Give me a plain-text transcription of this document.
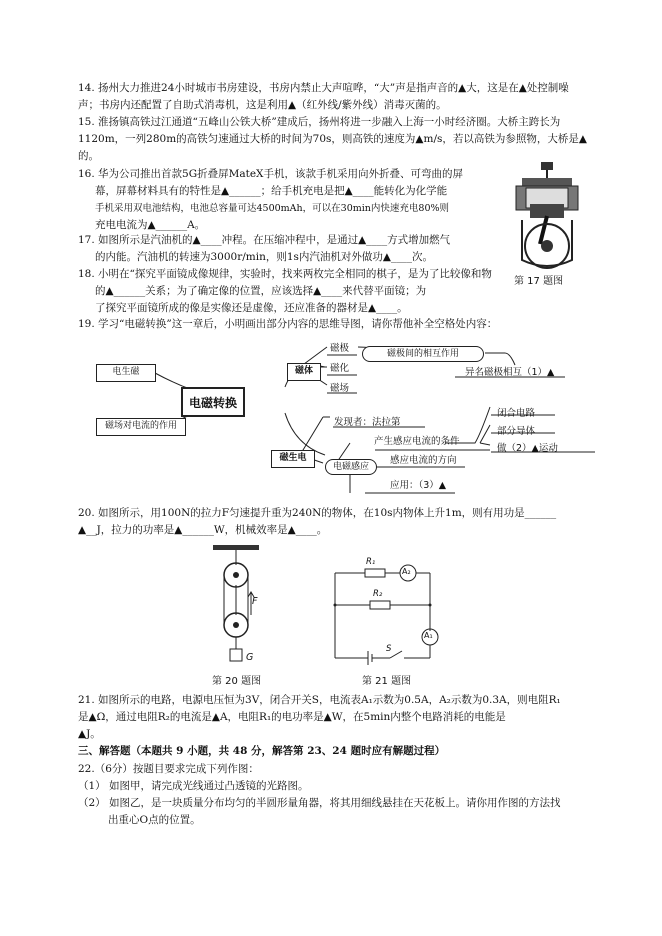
14. 扬州大力推进24小时城市书房建设，书房内禁止大声喧哗，“大”声是指声音的▲大，这是在▲处控制噪声；书房内还配置了自助式消毒机，这是利用▲（红外线/紫外线）消毒灭菌的。

15. 淮扬镇高铁过江通道“五峰山公铁大桥”建成后，扬州将进一步融入上海一小时经济圈。大桥主跨长为1120m，一列280m的高铁匀速通过大桥的时间为70s，则高铁的速度为▲m/s，若以高铁为参照物，大桥是▲的。

16. 华为公司推出首款5G折叠屏MateX手机，该款手机采用向外折叠、可弯曲的屏

幕，屏幕材料具有的特性是▲______；给手机充电是把▲____能转化为化学能

手机采用双电池结构，电池总容量可达4500mAh，可以在30min内快速充电80%则

充电电流为▲______A。

第 17 题图

17. 如图所示是汽油机的▲____冲程。在压缩冲程中，是通过▲____方式增加燃气

的内能。汽油机的转速为3000r/min，则1s内汽油机对外做功▲____次。

18. 小明在“探究平面镜成像规律，实验时，找来两枚完全相同的棋子，是为了比较像和物

的▲______关系；为了确定像的位置，应该选择▲____来代替平面镜；为

了探究平面镜所成的像是实像还是虚像，还应准备的器材是▲____。

19. 学习“电磁转换”这一章后，小明画出部分内容的思维导图，请你帮他补全空格处内容：

电生磁
磁场对电流的作用
电磁转换
磁体
磁极
磁化
磁场
磁极间的相互作用
异名磁极相互（1）▲
磁生电
发现者：法拉第
电磁感应
产生感应电流的条件
闭合电路
部分导体
做（2）▲运动
感应电流的方向
应用：（3）▲

20. 如图所示，用100N的拉力F匀速提升重为240N的物体，在10s内物体上升1m，则有用功是______

▲__J，拉力的功率是▲______W，机械效率是▲____。

F
G
第 20 题图
R₁
R₂
A₂
A₁
S
第 21 题图

21. 如图所示的电路，电源电压恒为3V，闭合开关S，电流表A₁示数为0.5A，A₂示数为0.3A，则电阻R₁

是▲Ω，通过电阻R₂的电流是▲A，电阻R₁的电功率是▲W，在5min内整个电路消耗的电能是

▲J。

三、解答题（本题共 9 小题，共 48 分，解答第 23、24 题时应有解题过程）

22.（6分）按题目要求完成下列作图：

（1） 如图甲，请完成光线通过凸透镜的光路图。

（2） 如图乙，是一块质量分布均匀的半圆形量角器，将其用细线悬挂在天花板上。请你用作图的方法找

出重心O点的位置。
